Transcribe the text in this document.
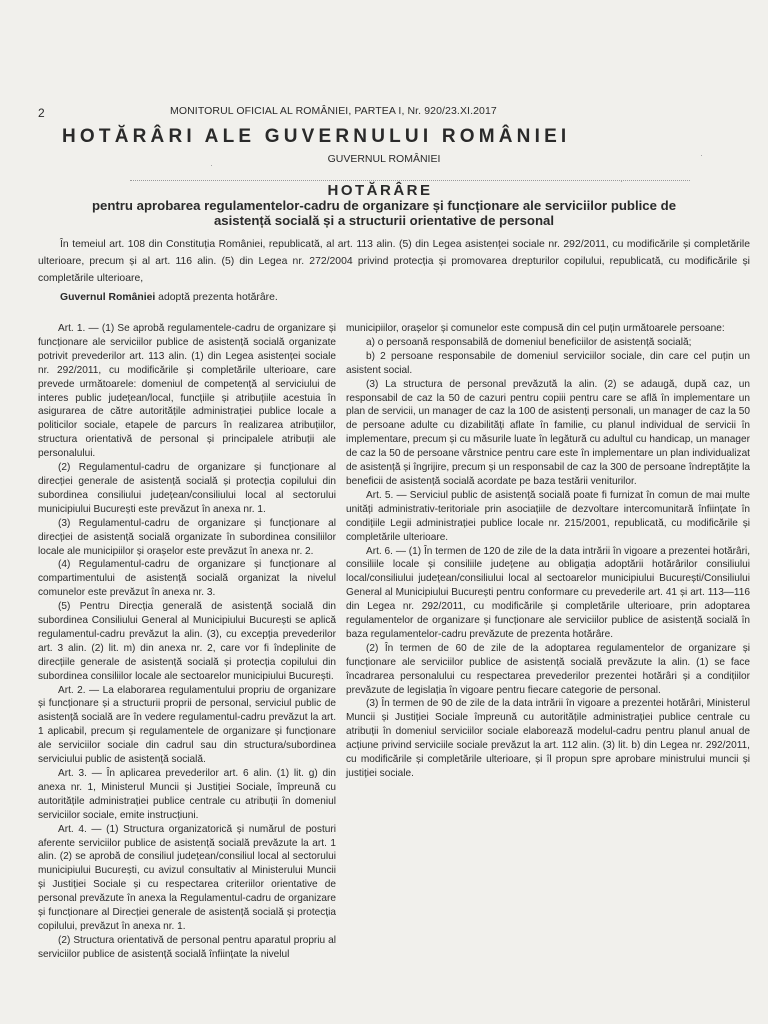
2	MONITORUL OFICIAL AL ROMÂNIEI, PARTEA I, Nr. 920/23.XI.2017
HOTĂRÂRI ALE GUVERNULUI ROMÂNIEI
GUVERNUL ROMÂNIEI
HOTĂRÂRE
pentru aprobarea regulamentelor-cadru de organizare și funcționare ale serviciilor publice de
asistență socială și a structurii orientative de personal
În temeiul art. 108 din Constituția României, republicată, al art. 113 alin. (5) din Legea asistenței sociale nr. 292/2011, cu modificările și completările ulterioare, precum și al art. 116 alin. (5) din Legea nr. 272/2004 privind protecția și promovarea drepturilor copilului, republicată, cu modificările și completările ulterioare,
Guvernul României adoptă prezenta hotărâre.

Art. 1. — (1) Se aprobă regulamentele-cadru de organizare și funcționare ale serviciilor publice de asistență socială organizate potrivit prevederilor art. 113 alin. (1) din Legea asistenței sociale nr. 292/2011, cu modificările și completările ulterioare, care prevede următoarele: domeniul de competență al serviciului de interes public județean/local, funcțiile și atribuțiile acestuia în asigurarea de către autoritățile administrației publice locale a politicilor sociale, etapele de parcurs în realizarea atribuțiilor, structura orientativă de personal și principalele atribuții ale personalului.

(2) Regulamentul-cadru de organizare și funcționare al direcției generale de asistență socială și protecția copilului din subordinea consiliului județean/consiliului local al sectorului municipiului București este prevăzut în anexa nr. 1.

(3) Regulamentul-cadru de organizare și funcționare al direcției de asistență socială organizate în subordinea consiliilor locale ale municipiilor și orașelor este prevăzut în anexa nr. 2.

(4) Regulamentul-cadru de organizare și funcționare al compartimentului de asistență socială organizat la nivelul comunelor este prevăzut în anexa nr. 3.

(5) Pentru Direcția generală de asistență socială din subordinea Consiliului General al Municipiului București se aplică regulamentul-cadru prevăzut la alin. (3), cu excepția prevederilor art. 3 alin. (2) lit. m) din anexa nr. 2, care vor fi îndeplinite de direcțiile generale de asistență socială și protecția copilului din subordinea consiliilor locale ale sectoarelor municipiului București.

Art. 2. — La elaborarea regulamentului propriu de organizare și funcționare și a structurii proprii de personal, serviciul public de asistență socială are în vedere regulamentul-cadru prevăzut la art. 1 aplicabil, precum și regulamentele de organizare și funcționare ale serviciilor sociale din cadrul sau din structura/subordinea serviciului public de asistență socială.

Art. 3. — În aplicarea prevederilor art. 6 alin. (1) lit. g) din anexa nr. 1, Ministerul Muncii și Justiției Sociale, împreună cu autoritățile administrației publice centrale cu atribuții în domeniul serviciilor sociale, emite instrucțiuni.

Art. 4. — (1) Structura organizatorică și numărul de posturi aferente serviciilor publice de asistență socială prevăzute la art. 1 alin. (2) se aprobă de consiliul județean/consiliul local al sectorului municipiului București, cu avizul consultativ al Ministerului Muncii și Justiției Sociale și cu respectarea criteriilor orientative de personal prevăzute în anexa la Regulamentul-cadru de organizare și funcționare al Direcției generale de asistență socială și protecția copilului, prevăzut în anexa nr. 1.

(2) Structura orientativă de personal pentru aparatul propriu al serviciilor publice de asistență socială înființate la nivelul

municipiilor, orașelor și comunelor este compusă din cel puțin următoarele persoane:

a) o persoană responsabilă de domeniul beneficiilor de asistență socială;

b) 2 persoane responsabile de domeniul serviciilor sociale, din care cel puțin un asistent social.

(3) La structura de personal prevăzută la alin. (2) se adaugă, după caz, un responsabil de caz la 50 de cazuri pentru copiii pentru care se află în implementare un plan de servicii, un manager de caz la 100 de asistenți personali, un manager de caz la 50 de persoane adulte cu dizabilități aflate în familie, cu planul individual de servicii în implementare, precum și cu măsurile luate în legătură cu adultul cu handicap, un manager de caz la 50 de persoane vârstnice pentru care este în implementare un plan individualizat de asistență și îngrijire, precum și un responsabil de caz la 300 de persoane îndreptățite la beneficii de asistență socială acordate pe baza testării veniturilor.

Art. 5. — Serviciul public de asistență socială poate fi furnizat în comun de mai multe unități administrativ-teritoriale prin asociațiile de dezvoltare intercomunitară înființate în condițiile Legii administrației publice locale nr. 215/2001, republicată, cu modificările și completările ulterioare.

Art. 6. — (1) În termen de 120 de zile de la data intrării în vigoare a prezentei hotărâri, consiliile locale și consiliile județene au obligația adoptării hotărârilor consiliului local/consiliului județean/consiliului local al sectoarelor municipiului București/Consiliului General al Municipiului București pentru conformare cu prevederile art. 41 și art. 113—116 din Legea nr. 292/2011, cu modificările și completările ulterioare, prin adoptarea regulamentelor de organizare și funcționare ale serviciilor publice de asistență socială în baza regulamentelor-cadru prevăzute de prezenta hotărâre.

(2) În termen de 60 de zile de la adoptarea regulamentelor de organizare și funcționare ale serviciilor publice de asistență socială prevăzute la alin. (1) se face încadrarea personalului cu respectarea prevederilor prezentei hotărâri și a condițiilor prevăzute de legislația în vigoare pentru fiecare categorie de personal.

(3) În termen de 90 de zile de la data intrării în vigoare a prezentei hotărâri, Ministerul Muncii și Justiției Sociale împreună cu autoritățile administrației publice centrale cu atribuții în domeniul serviciilor sociale elaborează modelul-cadru pentru planul anual de acțiune privind serviciile sociale prevăzut la art. 112 alin. (3) lit. b) din Legea nr. 292/2011, cu modificările și completările ulterioare, și îl propun spre aprobare ministrului muncii și justiției sociale.

·
·
·
